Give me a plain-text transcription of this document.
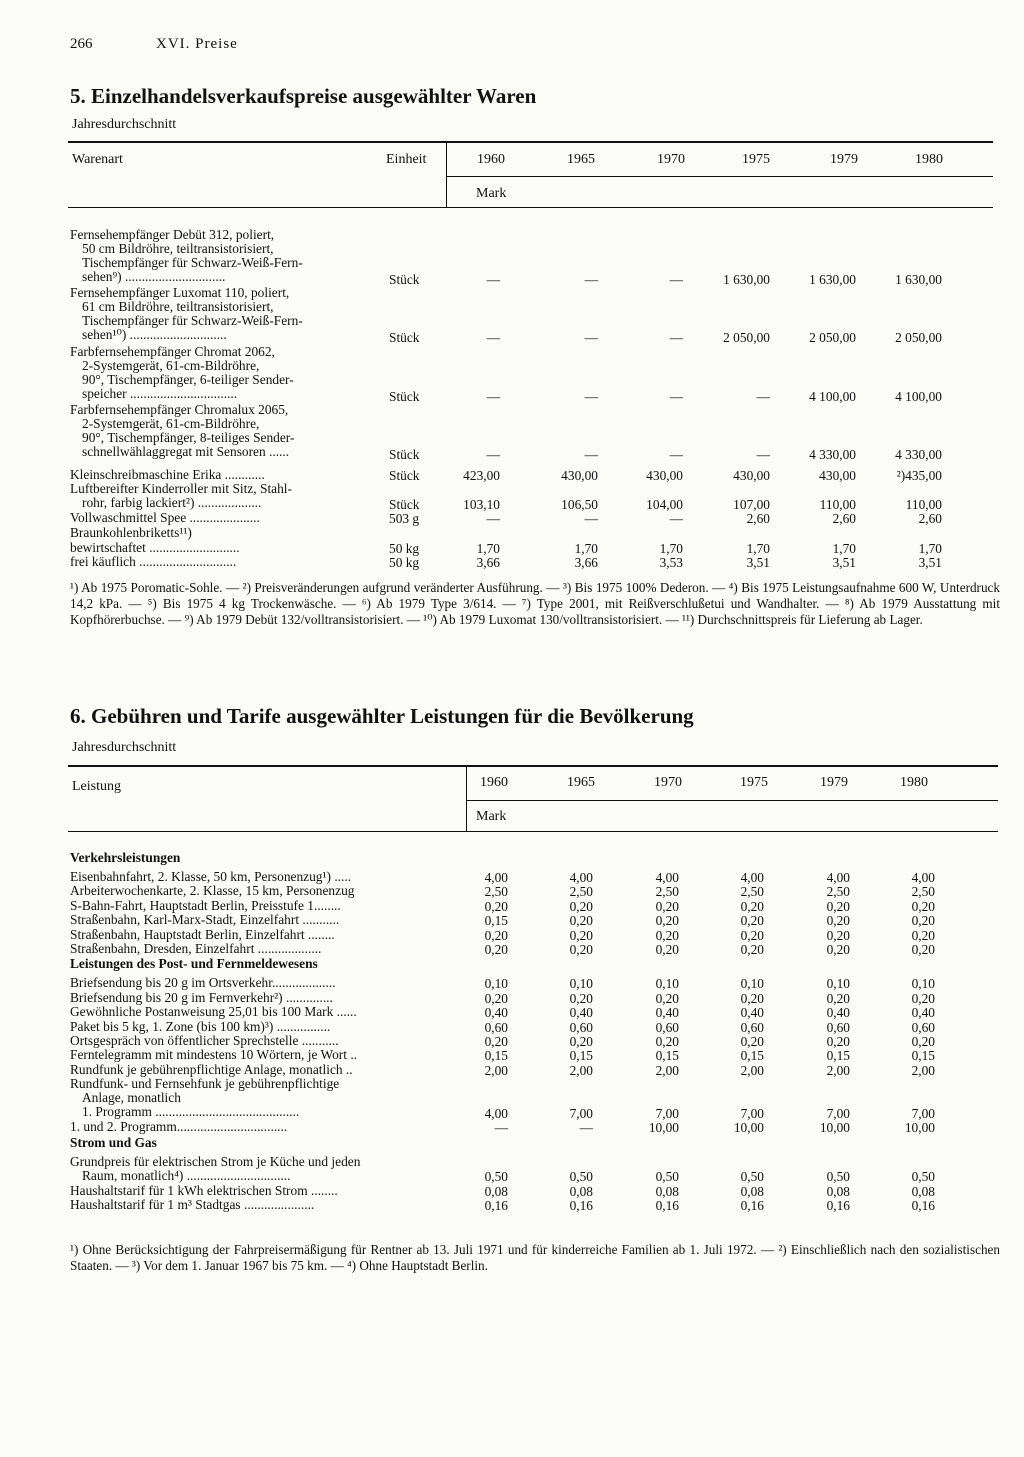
266	XVI. Preise
5. Einzelhandelsverkaufspreise ausgewählter Waren
Jahresdurchschnitt
Warenart	Einheit	1960	1965	1970	1975	1979	1980
Mark
Fernsehempfänger Debüt 312, poliert,
50 cm Bildröhre, teiltransistorisiert,
Tischempfänger für Schwarz-Weiß-Fern-
sehen⁹) ..............................	Stück	—	—	—	1 630,00	1 630,00	1 630,00
Fernsehempfänger Luxomat 110, poliert,
61 cm Bildröhre, teiltransistorisiert,
Tischempfänger für Schwarz-Weiß-Fern-
sehen¹⁰) .............................	Stück	—	—	—	2 050,00	2 050,00	2 050,00
Farbfernsehempfänger Chromat 2062,
2-Systemgerät, 61-cm-Bildröhre,
90°, Tischempfänger, 6-teiliger Sender-
speicher ................................	Stück	—	—	—	—	4 100,00	4 100,00
Farbfernsehempfänger Chromalux 2065,
2-Systemgerät, 61-cm-Bildröhre,
90°, Tischempfänger, 8-teiliges Sender-
schnellwählaggregat mit Sensoren ......	Stück	—	—	—	—	4 330,00	4 330,00
Kleinschreibmaschine Erika ............	Stück	423,00	430,00	430,00	430,00	430,00	²)435,00
Luftbereifter Kinderroller mit Sitz, Stahl-
rohr, farbig lackiert²) ...................	Stück	103,10	106,50	104,00	107,00	110,00	110,00
Vollwaschmittel Spee .....................	503 g	—	—	—	2,60	2,60	2,60
Braunkohlenbriketts¹¹)
bewirtschaftet ...........................	50 kg	1,70	1,70	1,70	1,70	1,70	1,70
frei käuflich .............................	50 kg	3,66	3,66	3,53	3,51	3,51	3,51
¹) Ab 1975 Poromatic-Sohle. — ²) Preisveränderungen aufgrund veränderter Ausführung. — ³) Bis 1975 100% Dederon. — ⁴) Bis 1975 Leistungsaufnahme 600 W, Unterdruck 14,2 kPa. — ⁵) Bis 1975 4 kg Trockenwäsche. — ⁶) Ab 1979 Type 3/614. — ⁷) Type 2001, mit Reißverschlußetui und Wandhalter. — ⁸) Ab 1979 Ausstattung mit Kopfhörerbuchse. — ⁹) Ab 1979 Debüt 132/volltransistorisiert. — ¹⁰) Ab 1979 Luxomat 130/volltransistorisiert. — ¹¹) Durchschnittspreis für Lieferung ab Lager.
6. Gebühren und Tarife ausgewählter Leistungen für die Bevölkerung
Jahresdurchschnitt
Leistung	1960	1965	1970	1975	1979	1980
Mark
Verkehrsleistungen
Eisenbahnfahrt, 2. Klasse, 50 km, Personenzug¹) .....	4,00	4,00	4,00	4,00	4,00	4,00
Arbeiterwochenkarte, 2. Klasse, 15 km, Personenzug	2,50	2,50	2,50	2,50	2,50	2,50
S-Bahn-Fahrt, Hauptstadt Berlin, Preisstufe 1........	0,20	0,20	0,20	0,20	0,20	0,20
Straßenbahn, Karl-Marx-Stadt, Einzelfahrt ...........	0,15	0,20	0,20	0,20	0,20	0,20
Straßenbahn, Hauptstadt Berlin, Einzelfahrt ........	0,20	0,20	0,20	0,20	0,20	0,20
Straßenbahn, Dresden, Einzelfahrt ...................	0,20	0,20	0,20	0,20	0,20	0,20
Leistungen des Post- und Fernmeldewesens
Briefsendung bis 20 g im Ortsverkehr...................	0,10	0,10	0,10	0,10	0,10	0,10
Briefsendung bis 20 g im Fernverkehr²) ..............	0,20	0,20	0,20	0,20	0,20	0,20
Gewöhnliche Postanweisung 25,01 bis 100 Mark ......	0,40	0,40	0,40	0,40	0,40	0,40
Paket bis 5 kg, 1. Zone (bis 100 km)³) ................	0,60	0,60	0,60	0,60	0,60	0,60
Ortsgespräch von öffentlicher Sprechstelle ...........	0,20	0,20	0,20	0,20	0,20	0,20
Ferntelegramm mit mindestens 10 Wörtern, je Wort ..	0,15	0,15	0,15	0,15	0,15	0,15
Rundfunk je gebührenpflichtige Anlage, monatlich ..	2,00	2,00	2,00	2,00	2,00	2,00
Rundfunk- und Fernsehfunk je gebührenpflichtige
Anlage, monatlich
1. Programm ...........................................	4,00	7,00	7,00	7,00	7,00	7,00
1. und 2. Programm.................................	—	—	10,00	10,00	10,00	10,00
Strom und Gas
Grundpreis für elektrischen Strom je Küche und jeden
Raum, monatlich⁴) ...............................	0,50	0,50	0,50	0,50	0,50	0,50
Haushaltstarif für 1 kWh elektrischen Strom ........	0,08	0,08	0,08	0,08	0,08	0,08
Haushaltstarif für 1 m³ Stadtgas .....................	0,16	0,16	0,16	0,16	0,16	0,16
¹) Ohne Berücksichtigung der Fahrpreisermäßigung für Rentner ab 13. Juli 1971 und für kinderreiche Familien ab 1. Juli 1972. — ²) Einschließlich nach den sozialistischen Staaten. — ³) Vor dem 1. Januar 1967 bis 75 km. — ⁴) Ohne Hauptstadt Berlin.
